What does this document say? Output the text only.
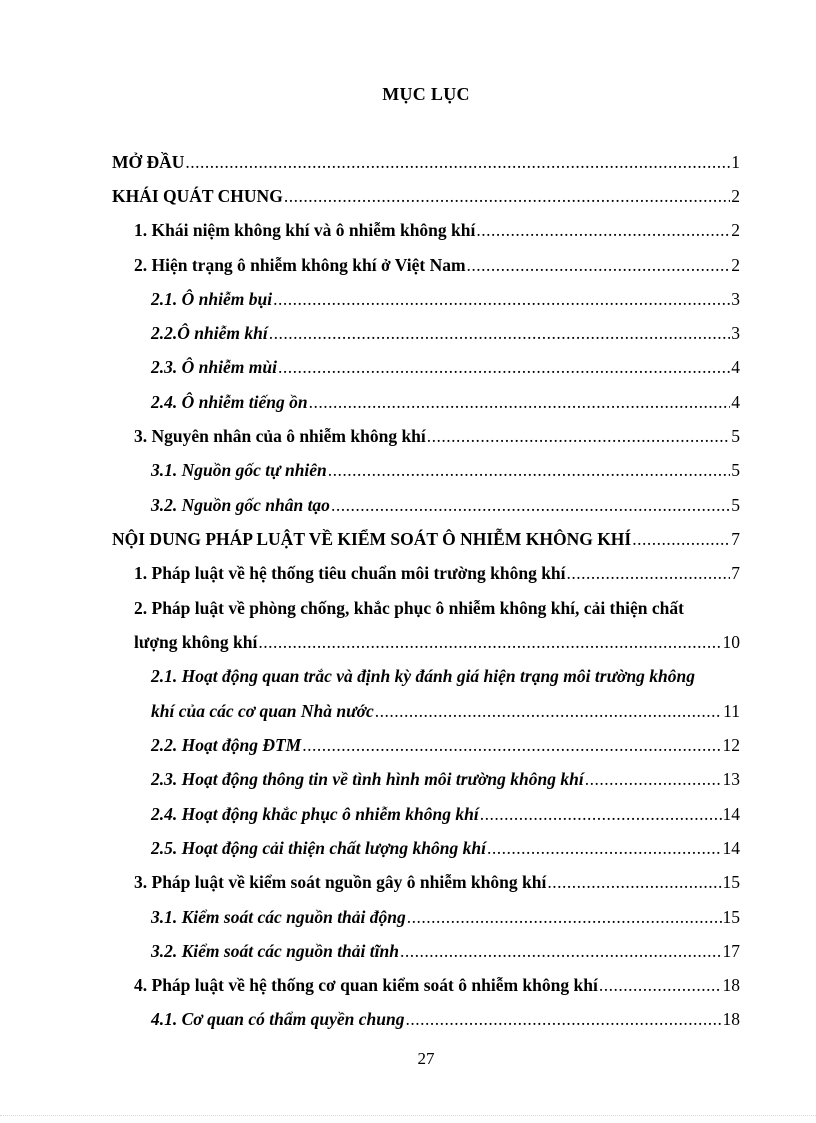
MỤC LỤC
MỞ ĐẦU .....	1
KHÁI QUÁT CHUNG .....	2
1. Khái niệm không khí và ô nhiễm không khí .....	2
2. Hiện trạng ô nhiễm không khí ở Việt Nam .....	2
2.1. Ô nhiễm bụi .....	3
2.2.Ô nhiễm khí .....	3
2.3. Ô nhiễm mùi .....	4
2.4. Ô nhiễm tiếng ồn .....	4
3. Nguyên nhân của ô nhiễm không khí .....	5
3.1. Nguồn gốc tự nhiên .....	5
3.2. Nguồn gốc nhân tạo .....	5
NỘI DUNG PHÁP LUẬT VỀ KIỂM SOÁT Ô NHIỄM KHÔNG KHÍ .....	7
1. Pháp luật về hệ thống tiêu chuẩn môi trường không khí .....	7
2. Pháp luật về phòng chống, khắc phục ô nhiễm không khí, cải thiện chất
lượng không khí .....	10
2.1. Hoạt động quan trắc và định kỳ đánh giá hiện trạng môi trường không
khí của các cơ quan Nhà nước .....	11
2.2. Hoạt động ĐTM .....	12
2.3. Hoạt động thông tin về tình hình môi trường không khí .....	13
2.4. Hoạt động khắc phục ô nhiễm không khí .....	14
2.5. Hoạt động cải thiện chất lượng không khí .....	14
3. Pháp luật về kiểm soát nguồn gây ô nhiễm không khí .....	15
3.1. Kiểm soát các nguồn thải động .....	15
3.2. Kiểm soát các nguồn thải tĩnh .....	17
4. Pháp luật về hệ thống cơ quan kiểm soát ô nhiễm không khí .....	18
4.1. Cơ quan có thẩm quyền chung .....	18
27
